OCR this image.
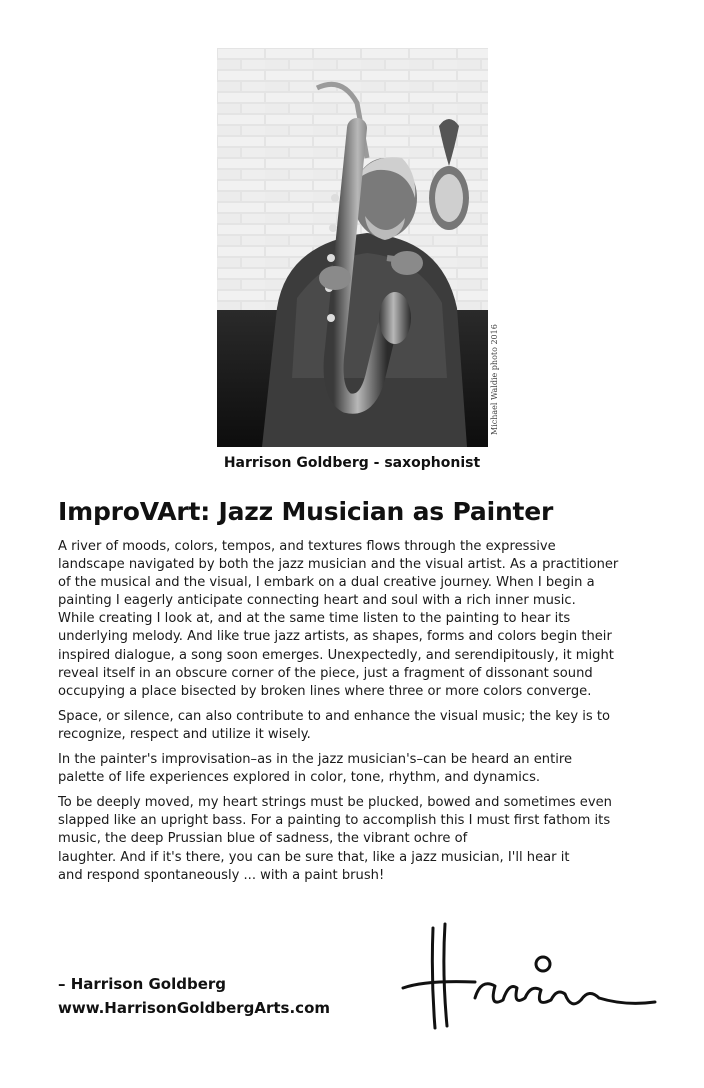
Michael Waldie photo 2016
Harrison Goldberg - saxophonist
ImproVArt: Jazz Musician as Painter

A river of moods, colors, tempos, and textures flows through the expressive
landscape navigated by both the jazz musician and the visual artist. As a practitioner
of the musical and the visual, I embark on a dual creative journey. When I begin a
painting I eagerly anticipate connecting heart and soul with a rich inner music.
While creating I look at, and at the same time listen to the painting to hear its
underlying melody. And like true jazz artists, as shapes, forms and colors begin their
inspired dialogue, a song soon emerges. Unexpectedly, and serendipitously, it might
reveal itself in an obscure corner of the piece, just a fragment of dissonant sound
occupying a place bisected by broken lines where three or more colors converge.

Space, or silence, can also contribute to and enhance the visual music; the key is to
recognize, respect and utilize it wisely.

In the painter's improvisation–as in the jazz musician's–can be heard an entire
palette of life experiences explored in color, tone, rhythm, and dynamics.

To be deeply moved, my heart strings must be plucked, bowed and sometimes even
slapped like an upright bass. For a painting to accomplish this I must first fathom its
music, the deep Prussian blue of sadness, the vibrant ochre of
laughter. And if it's there, you can be sure that, like a jazz musician, I'll hear it
and respond spontaneously ... with a paint brush!

– Harrison Goldberg
www.HarrisonGoldbergArts.com
